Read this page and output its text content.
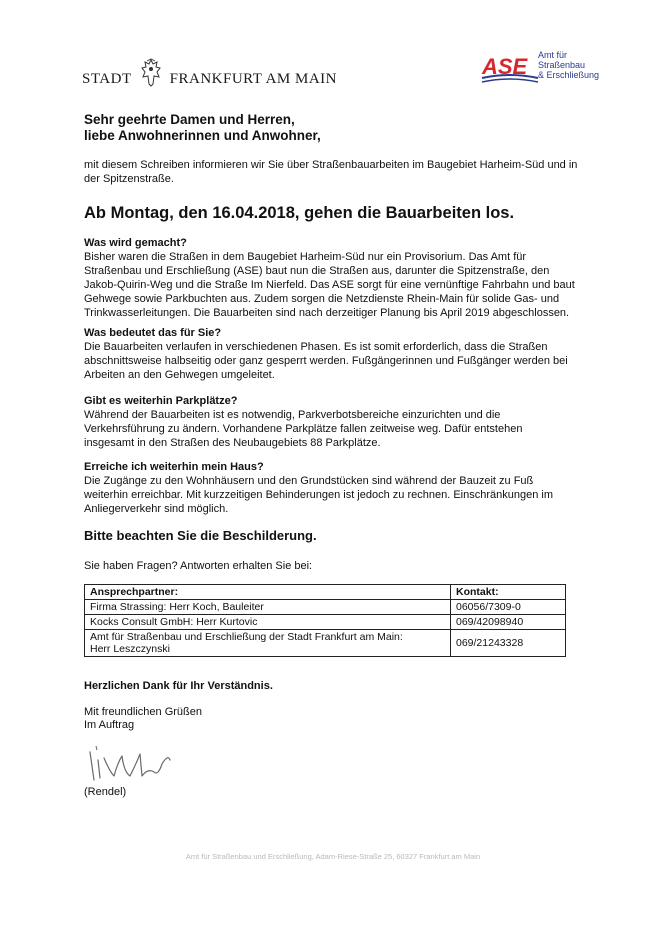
STADT	FRANKFURT AM MAIN	ASE Amt für
Straßenbau
& Erschließung
Sehr geehrte Damen und Herren,
liebe Anwohnerinnen und Anwohner,
mit diesem Schreiben informieren wir Sie über Straßenbauarbeiten im Baugebiet Harheim-Süd und in der Spitzenstraße.
Ab Montag, den 16.04.2018, gehen die Bauarbeiten los.
Was wird gemacht?
Bisher waren die Straßen in dem Baugebiet Harheim-Süd nur ein Provisorium. Das Amt für
Straßenbau und Erschließung (ASE) baut nun die Straßen aus, darunter die Spitzenstraße, den
Jakob-Quirin-Weg und die Straße Im Nierfeld. Das ASE sorgt für eine vernünftige Fahrbahn und baut
Gehwege sowie Parkbuchten aus. Zudem sorgen die Netzdienste Rhein-Main für solide Gas- und
Trinkwasserleitungen. Die Bauarbeiten sind nach derzeitiger Planung bis April 2019 abgeschlossen.
Was bedeutet das für Sie?
Die Bauarbeiten verlaufen in verschiedenen Phasen. Es ist somit erforderlich, dass die Straßen
abschnittsweise halbseitig oder ganz gesperrt werden. Fußgängerinnen und Fußgänger werden bei
Arbeiten an den Gehwegen umgeleitet.
Gibt es weiterhin Parkplätze?
Während der Bauarbeiten ist es notwendig, Parkverbotsbereiche einzurichten und die
Verkehrsführung zu ändern. Vorhandene Parkplätze fallen zeitweise weg. Dafür entstehen
insgesamt in den Straßen des Neubaugebiets 88 Parkplätze.
Erreiche ich weiterhin mein Haus?
Die Zugänge zu den Wohnhäusern und den Grundstücken sind während der Bauzeit zu Fuß
weiterhin erreichbar. Mit kurzzeitigen Behinderungen ist jedoch zu rechnen. Einschränkungen im
Anliegerverkehr sind möglich.
Bitte beachten Sie die Beschilderung.
Sie haben Fragen? Antworten erhalten Sie bei:
Ansprechpartner:	Kontakt:

Firma Strassing: Herr Koch, Bauleiter	06056/7309-0

Kocks Consult GmbH: Herr Kurtovic	069/42098940

Amt für Straßenbau und Erschließung der Stadt Frankfurt am Main:
Herr Leszczynski	069/21243328
Herzlichen Dank für Ihr Verständnis.
Mit freundlichen Grüßen
Im Auftrag
(Rendel)
Amt für Straßenbau und Erschließung, Adam-Riese-Straße 25, 60327 Frankfurt am Main
